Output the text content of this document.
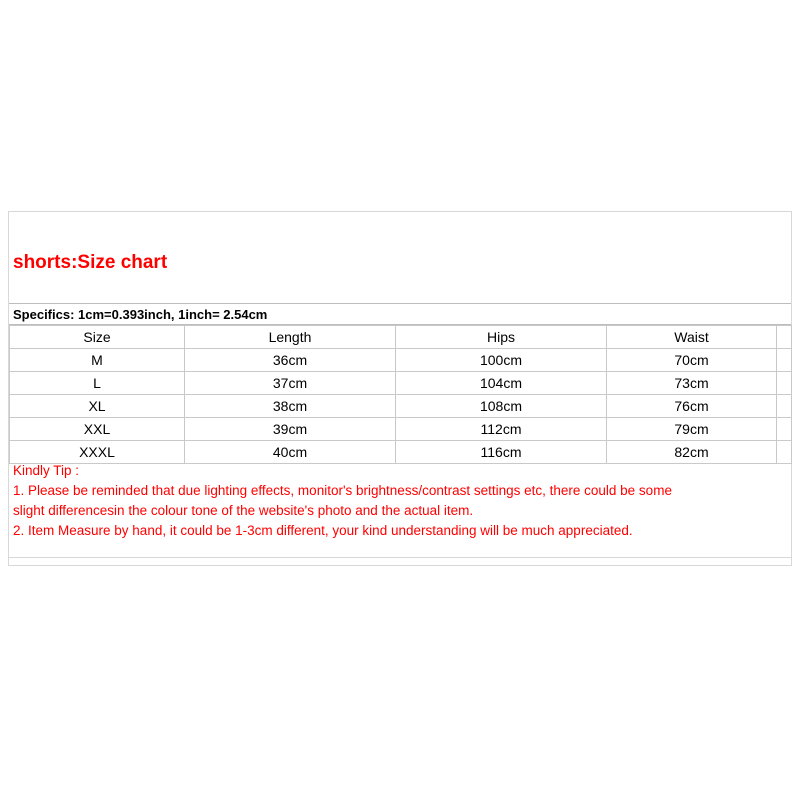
shorts:Size chart
Specifics: 1cm=0.393inch, 1inch= 2.54cm
Size	Length	Hips	Waist	
M	36cm	100cm	70cm	
L	37cm	104cm	73cm	
XL	38cm	108cm	76cm	
XXL	39cm	112cm	79cm	
XXXL	40cm	116cm	82cm	
Kindly Tip :
1. Please be reminded that due lighting effects, monitor's brightness/contrast settings etc, there could be some
slight differencesin the colour tone of the website's photo and the actual item.
2. Item Measure by hand, it could be 1-3cm different, your kind understanding will be much appreciated.
